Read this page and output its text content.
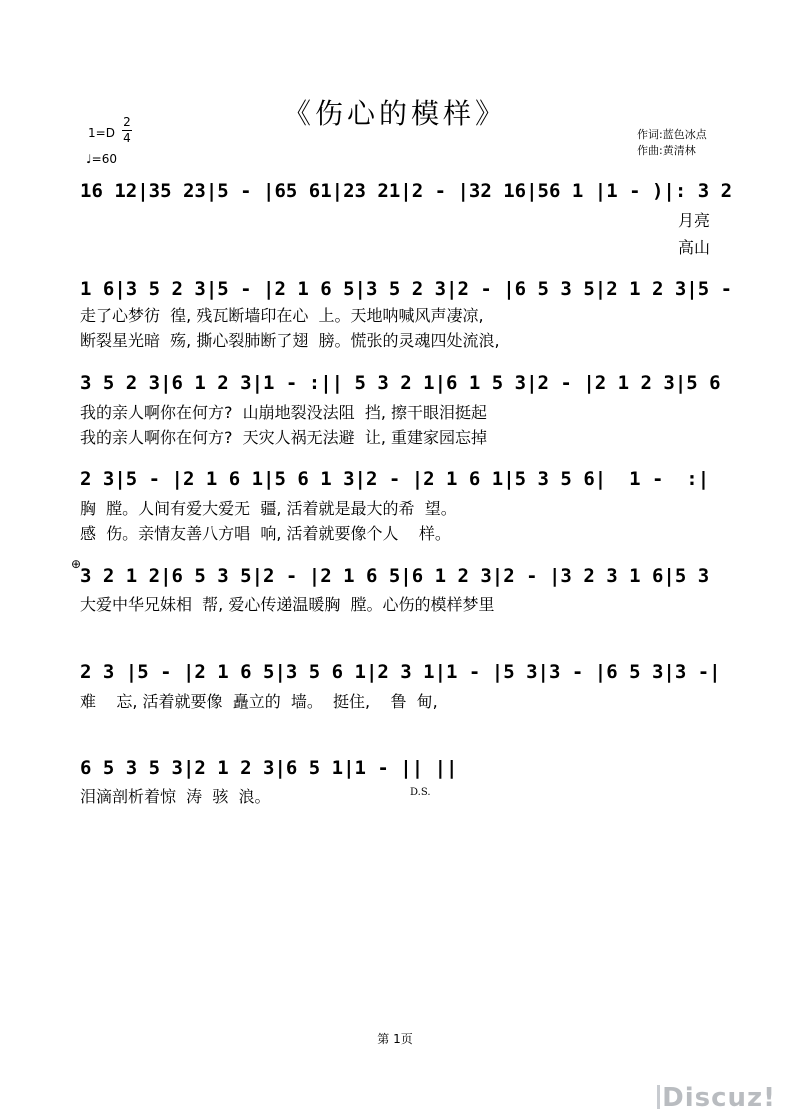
《伤心的模样》
1=D
2
4
♩=60
作词:蓝色冰点
作曲:黄清林
16 12|35 23|5 - |65 61|23 21|2 - |32 16|56 1 |1 - )|: 3 2
月亮
高山
1 6|3 5 2 3|5 - |2 1 6 5|3 5 2 3|2 - |6 5 3 5|2 1 2 3|5 -
走了心梦彷  徨, 残瓦断墙印在心  上。天地呐喊风声凄凉,
断裂星光暗  殇, 撕心裂肺断了翅  膀。慌张的灵魂四处流浪,
3 5 2 3|6 1 2 3|1 - :|| 5 3 2 1|6 1 5 3|2 - |2 1 2 3|5 6
我的亲人啊你在何方?  山崩地裂没法阻  挡, 擦干眼泪挺起
我的亲人啊你在何方?  天灾人祸无法避  让, 重建家园忘掉
2 3|5 - |2 1 6 1|5 6 1 3|2 - |2 1 6 1|5 3 5 6|  1 -  :|
胸  膛。人间有爱大爱无  疆, 活着就是最大的希  望。
感  伤。亲情友善八方唱  响, 活着就要像个人    样。
⊕
3 2 1 2|6 5 3 5|2 - |2 1 6 5|6 1 2 3|2 - |3 2 3 1 6|5 3
大爱中华兄妹相  帮, 爱心传递温暖胸  膛。心伤的模样梦里
2 3 |5 - |2 1 6 5|3 5 6 1|2 3 1|1 - |5 3|3 - |6 5 3|3 -|
难    忘, 活着就要像  矗立的  墙。  挺住,    鲁  甸,
6 5 3 5 3|2 1 2 3|6 5 1|1 - || ||
泪滴剖析着惊  涛  骇  浪。	D.S.
第 1页
Discuz!
